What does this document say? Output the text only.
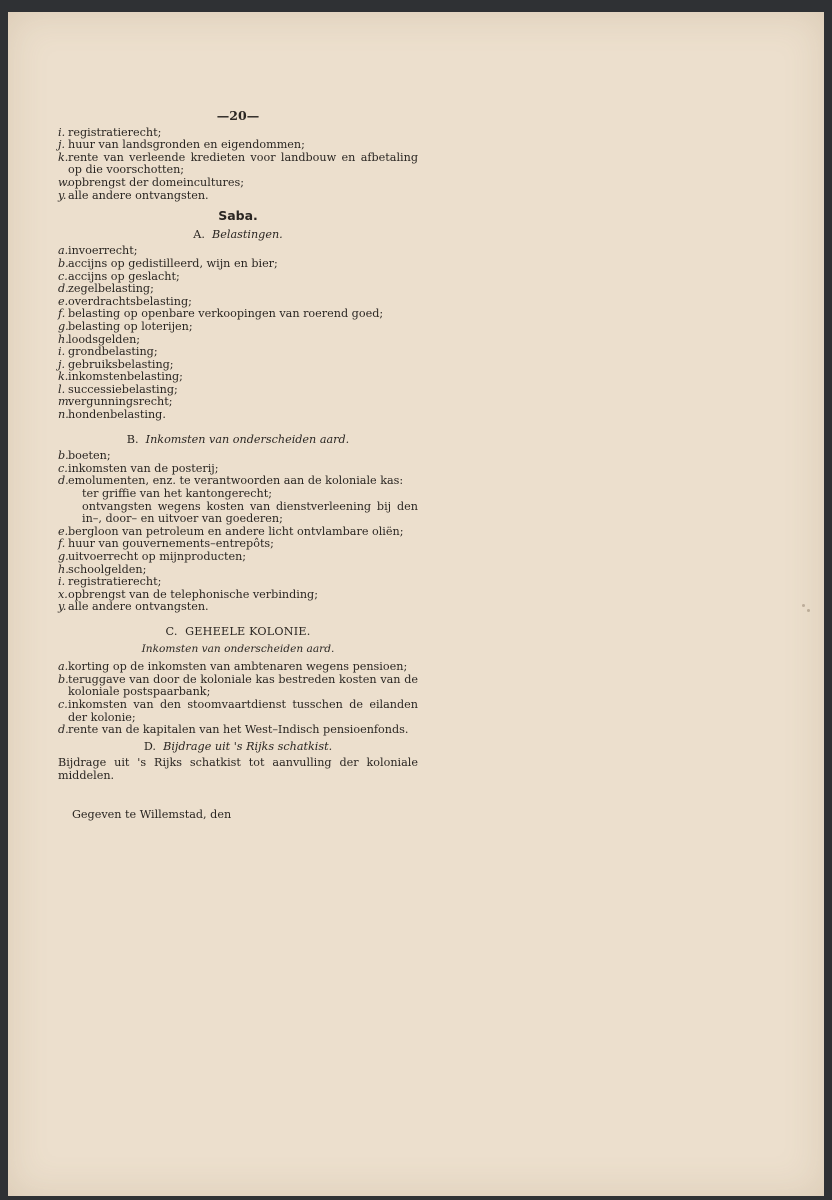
—20—
i. registratierecht;
j. huur van landsgronden en eigendommen;
k. rente van verleende kredieten voor landbouw en afbetaling op die voorschotten;
w.
opbrengst der domeincultures;
y. alle andere ontvangsten.
Saba.
A. Belastingen.
a. invoerrecht;
b. accijns op gedistilleerd, wijn en bier;
c. accijns op geslacht;
d. zegelbelasting;
e. overdrachtsbelasting;
f. belasting op openbare verkoopingen van roerend goed;
g. belasting op loterijen;
h. loodsgelden;
i. grondbelasting;
j. gebruiksbelasting;
k. inkomstenbelasting;
l. successiebelasting;
m.
vergunningsrecht;
n. hondenbelasting.
B. Inkomsten van onderscheiden aard.
b. boeten;
c. inkomsten van de posterij;
d. emolumenten, enz. te verantwoorden aan de koloniale kas:
ter griffie van het kantongerecht;
ontvangsten wegens kosten van dienstverleening bij den in–, door– en uitvoer van goederen;
e. bergloon van petroleum en andere licht ontvlambare oliën;
f. huur van gouvernements–entrepôts;
g. uitvoerrecht op mijnproducten;
h. schoolgelden;
i. registratierecht;
x. opbrengst van de telephonische verbinding;
y. alle andere ontvangsten.
C. GEHEELE KOLONIE.
Inkomsten van onderscheiden aard.
a. korting op de inkomsten van ambtenaren wegens pensioen;
b. teruggave van door de koloniale kas bestreden kosten van de koloniale postspaarbank;
c. inkomsten van den stoomvaartdienst tusschen de eilanden der kolonie;
d. rente van de kapitalen van het West–Indisch pensioenfonds.
D. Bijdrage uit 's Rijks schatkist.
Bijdrage uit 's Rijks schatkist tot aanvulling der koloniale middelen.
Gegeven te Willemstad, den
